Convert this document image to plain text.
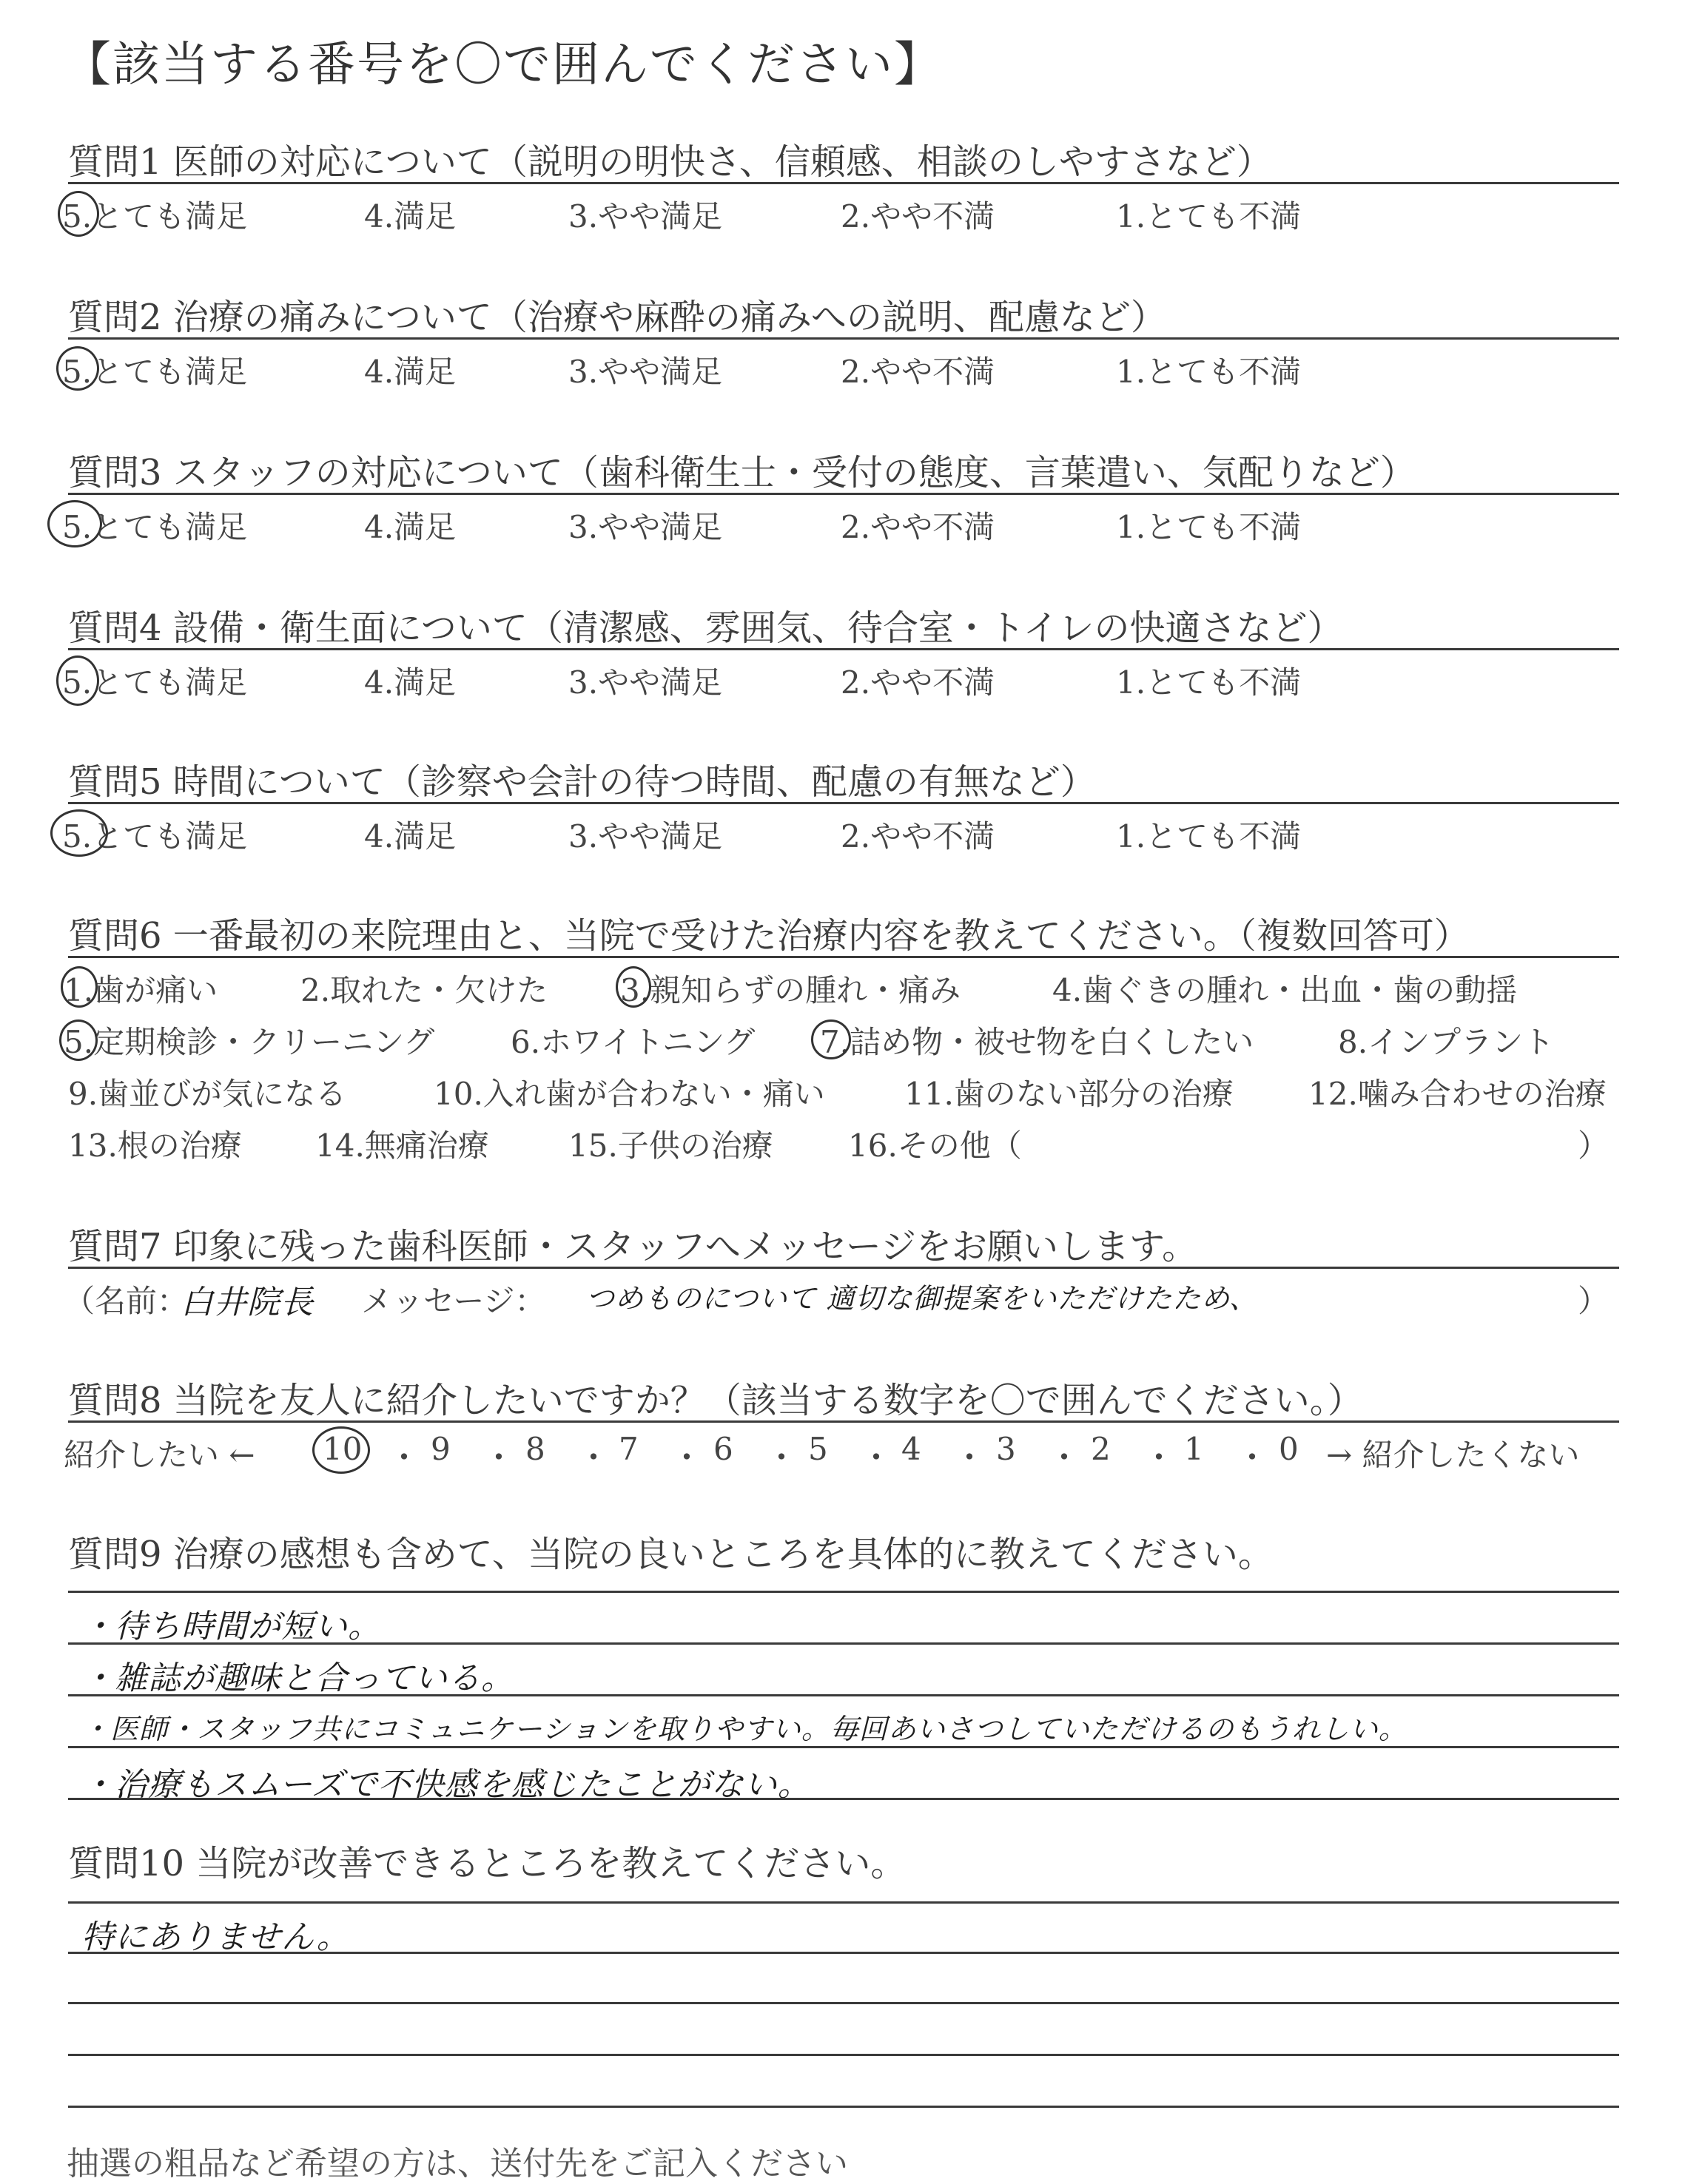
【該当する番号を〇で囲んでください】
質問1 医師の対応について（説明の明快さ、信頼感、相談のしやすさなど）
5.とても満足	4.満足	3.やや満足	2.やや不満	1.とても不満
質問2 治療の痛みについて（治療や麻酔の痛みへの説明、配慮など）
5.とても満足	4.満足	3.やや満足	2.やや不満	1.とても不満
質問3 スタッフの対応について（歯科衛生士・受付の態度、言葉遣い、気配りなど）
5.とても満足	4.満足	3.やや満足	2.やや不満	1.とても不満
質問4 設備・衛生面について（清潔感、雰囲気、待合室・トイレの快適さなど）
5.とても満足	4.満足	3.やや満足	2.やや不満	1.とても不満
質問5 時間について（診察や会計の待つ時間、配慮の有無など）
5.とても満足	4.満足	3.やや満足	2.やや不満	1.とても不満
質問6 一番最初の来院理由と、当院で受けた治療内容を教えてください。（複数回答可）
1.歯が痛い	2.取れた・欠けた 3.親知らずの腫れ・痛み	4.歯ぐきの腫れ・出血・歯の動揺
5.定期検診・クリーニング 6.ホワイトニング 7.詰め物・被せ物を白くしたい	8.インプラント
9.歯並びが気になる	10.入れ歯が合わない・痛い	11.歯のない部分の治療 12.噛み合わせの治療
13.根の治療 14.無痛治療	15.子供の治療 16.その他（	）
質問7 印象に残った歯科医師・スタッフへメッセージをお願いします。
（名前：
白井院長 メッセージ： つめものについて 適切な御提案をいただけたため、	）
質問8 当院を友人に紹介したいですか？（該当する数字を〇で囲んでください。）
紹介したい ← 10 ・ 9 ・ 8 ・ 7 ・ 6 ・ 5 ・ 4 ・ 3 ・ 2 ・ 1 ・ 0 → 紹介したくない
質問9 治療の感想も含めて、当院の良いところを具体的に教えてください。
・待ち時間が短い。
・雑誌が趣味と合っている。
・医師・スタッフ共にコミュニケーションを取りやすい。毎回あいさつしていただけるのもうれしい。
・治療もスムーズで不快感を感じたことがない。
質問10 当院が改善できるところを教えてください。
特にありません。
抽選の粗品など希望の方は、送付先をご記入ください
